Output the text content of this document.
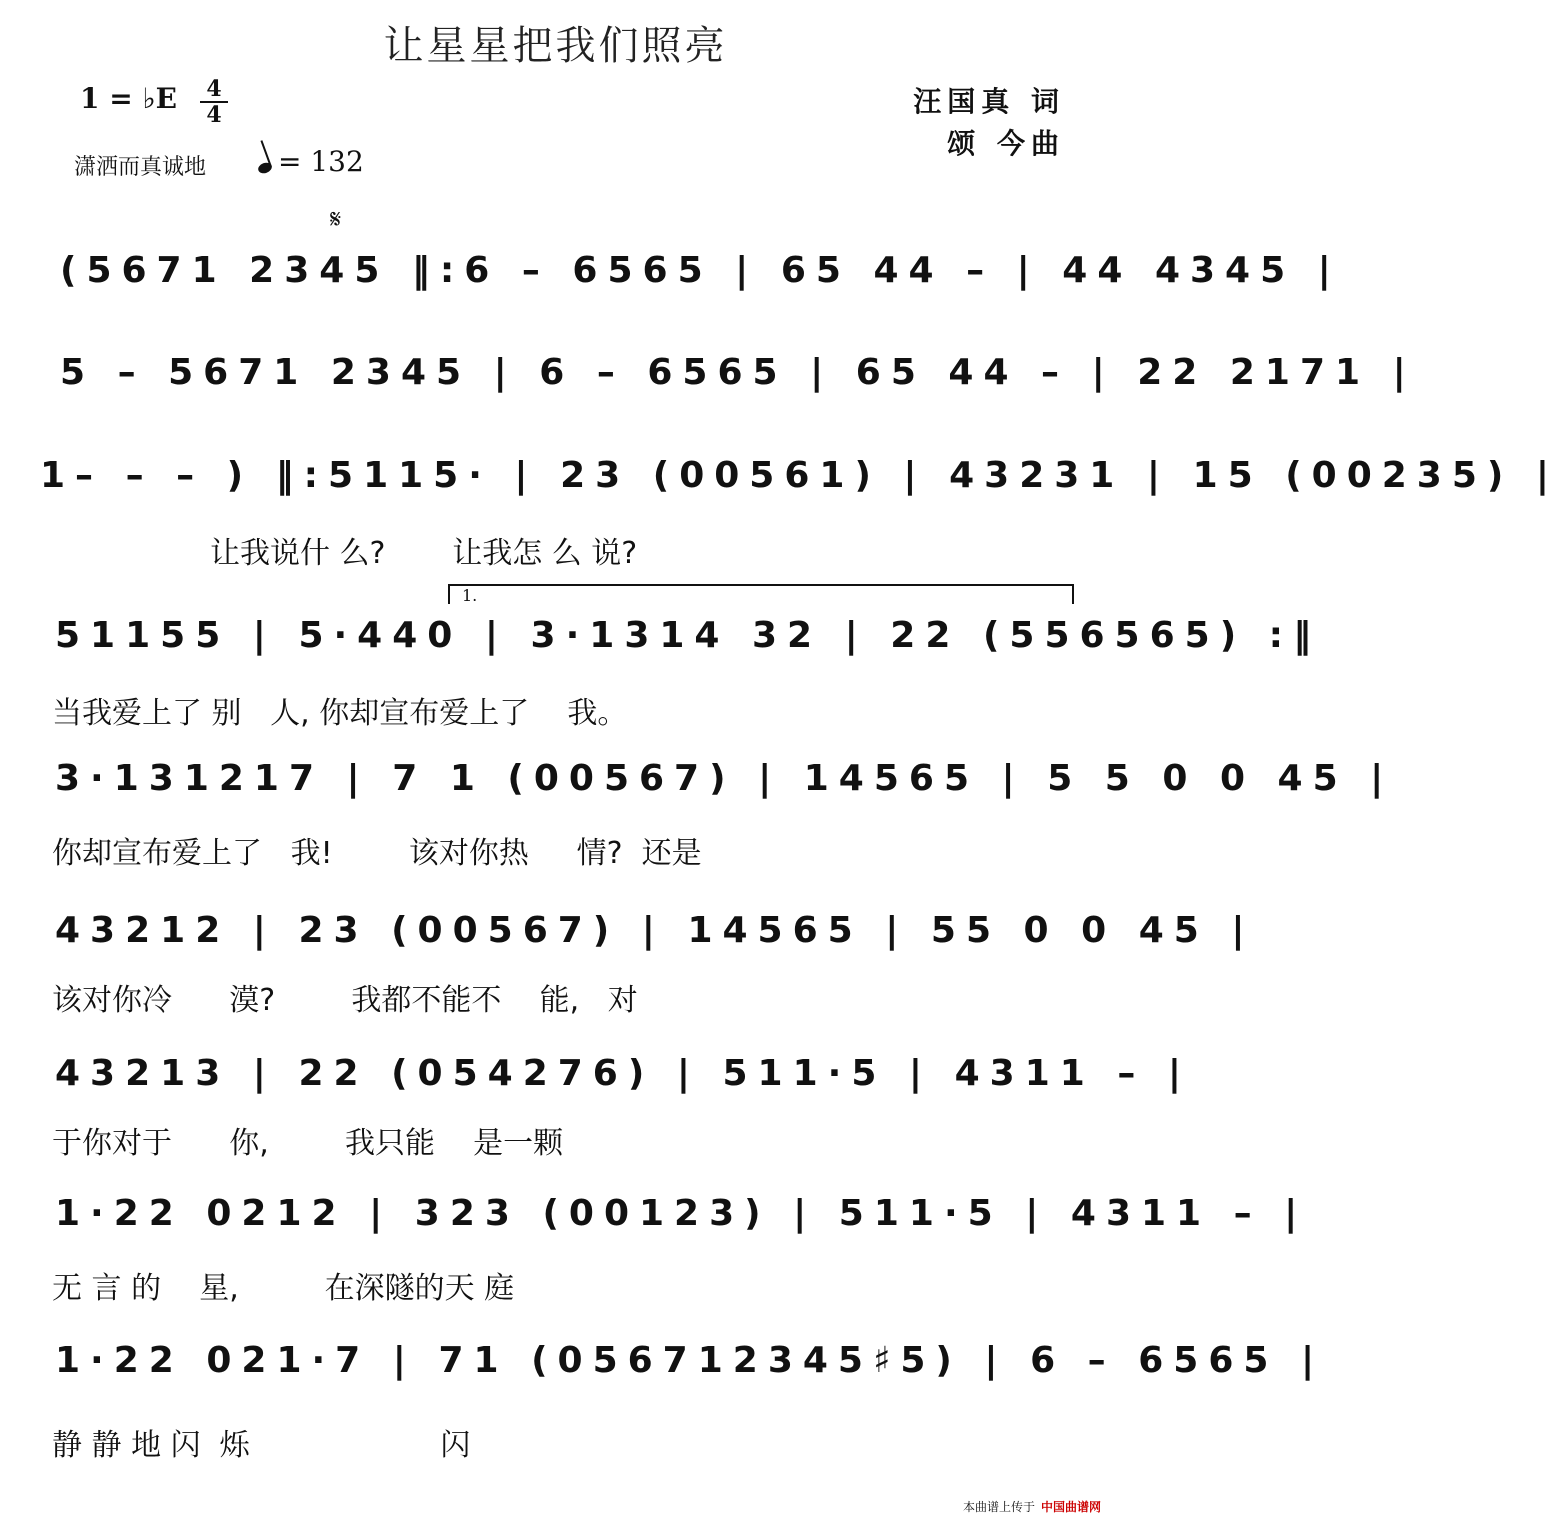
让星星把我们照亮
1 = ♭E 4
4
潇洒而真诚地	= 132
汪国真 词
颂 今曲
𝄋
(5671 2345 ‖:6 – 6565 | 65 44 – | 44 4345 |
5 – 5671 2345 | 6 – 6565 | 65 44 – | 22 2171 |
1– – – ) ‖:5115· | 23 (00561) | 43231 | 15 (00235) |
让我说什 么?       让我怎 么 说?
1.
51155 | 5·440 | 3·1314 32 | 22 (556565) :‖
当我爱上了 别   人, 你却宣布爱上了    我。
3·131217 | 7 1 (00567) | 14565 | 5 5 0 0 45 |
你却宣布爱上了   我!        该对你热     情?  还是
43212 | 23 (00567) | 14565 | 55 0 0 45 |
该对你冷      漠?        我都不能不    能,   对
43213 | 22 (054276) | 511·5 | 4311 – |
于你对于      你,        我只能    是一颗
1·22 0212 | 323 (00123) | 511·5 | 4311 – |
无 言 的    星,         在深隧的天 庭
1·22 021·7 | 71 (056712345♯5) | 6 – 6565 |
静 静 地 闪  烁                    闪
本曲谱上传于 中国曲谱网
